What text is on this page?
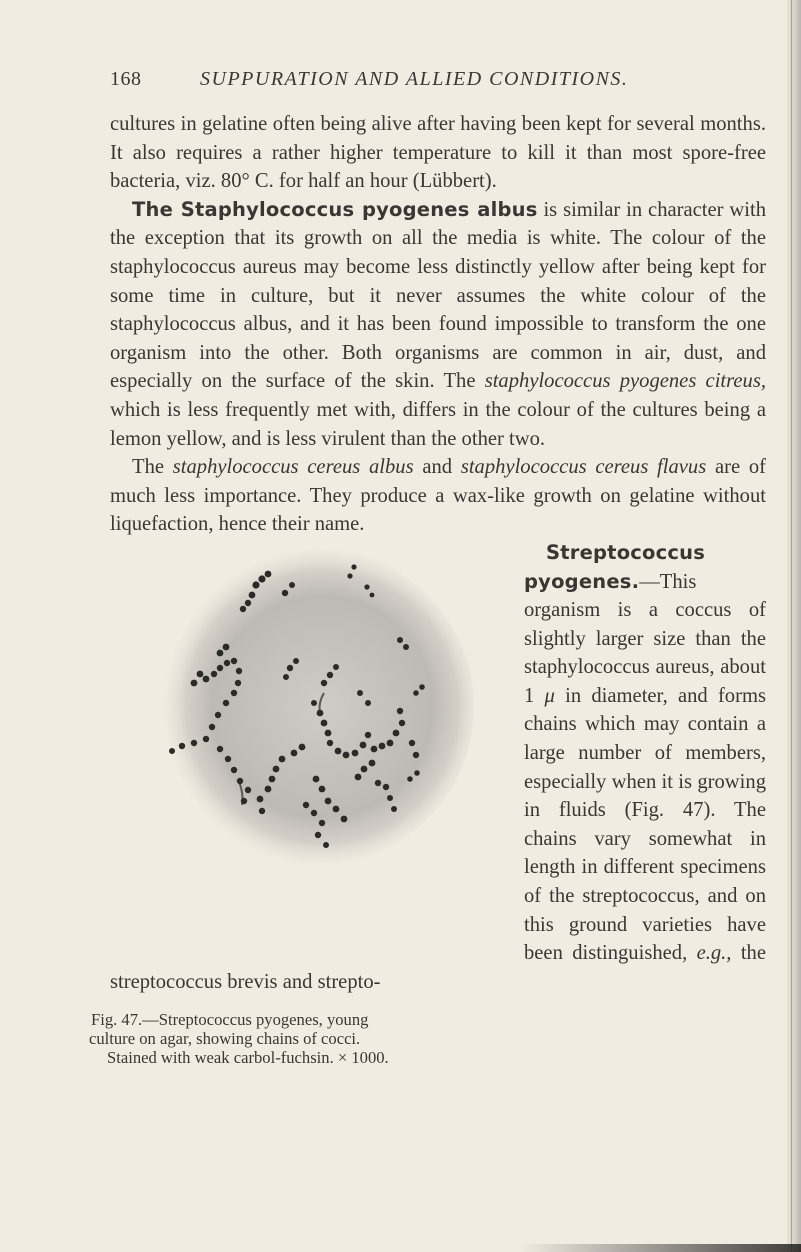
168	SUPPURATION AND ALLIED CONDITIONS.

cultures in gelatine often being alive after having been kept for several months. It also requires a rather higher temperature to kill it than most spore-free bacteria, viz. 80° C. for half an hour (Lübbert).

The Staphylococcus pyogenes albus is similar in character with the exception that its growth on all the media is white. The colour of the staphylococcus aureus may become less distinctly yellow after being kept for some time in culture, but it never assumes the white colour of the staphylococcus albus, and it has been found impossible to transform the one organism into the other. Both organisms are common in air, dust, and especially on the surface of the skin. The staphylococcus pyogenes citreus, which is less frequently met with, differs in the colour of the cultures being a lemon yellow, and is less virulent than the other two.

The staphylococcus cereus albus and staphylococcus cereus flavus are of much less importance. They produce a wax-like growth on gelatine without liquefaction, hence their name.

Streptococcus pyogenes.—This organism is a coccus of slightly larger size than the staphylococcus aureus, about 1 μ in diameter, and forms chains which may contain a large number of members, especially when it is growing in fluids (Fig. 47). The chains vary somewhat in length in different specimens of the streptococcus, and on this ground varieties have been distinguished, e.g., the streptococcus brevis and strepto-

Fig. 47.—Streptococcus pyogenes, young
culture on agar, showing chains of cocci.
Stained with weak carbol-fuchsin. × 1000.
